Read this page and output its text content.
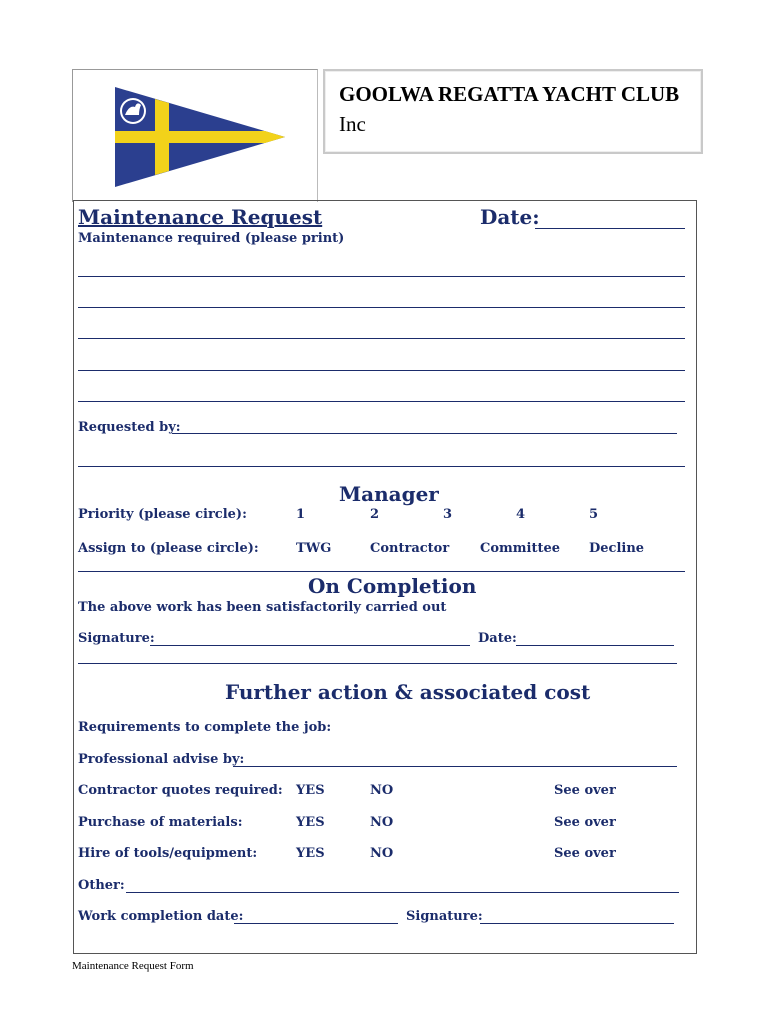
GOOLWA REGATTA YACHT CLUB Inc
Maintenance Request	Date:
Maintenance required (please print)
Requested by:
Manager
Priority (please circle):	1	2	3	4	5
Assign to (please circle):	TWG	Contractor Committee Decline
On Completion
The above work has been satisfactorily carried out
Signature:	Date:
Further action & associated cost
Requirements to complete the job:
Professional advise by:
Contractor quotes required: YES	NO	See over
Purchase of materials:	YES	NO	See over
Hire of tools/equipment:	YES	NO	See over
Other:
Work completion date:	Signature:
Maintenance Request Form
